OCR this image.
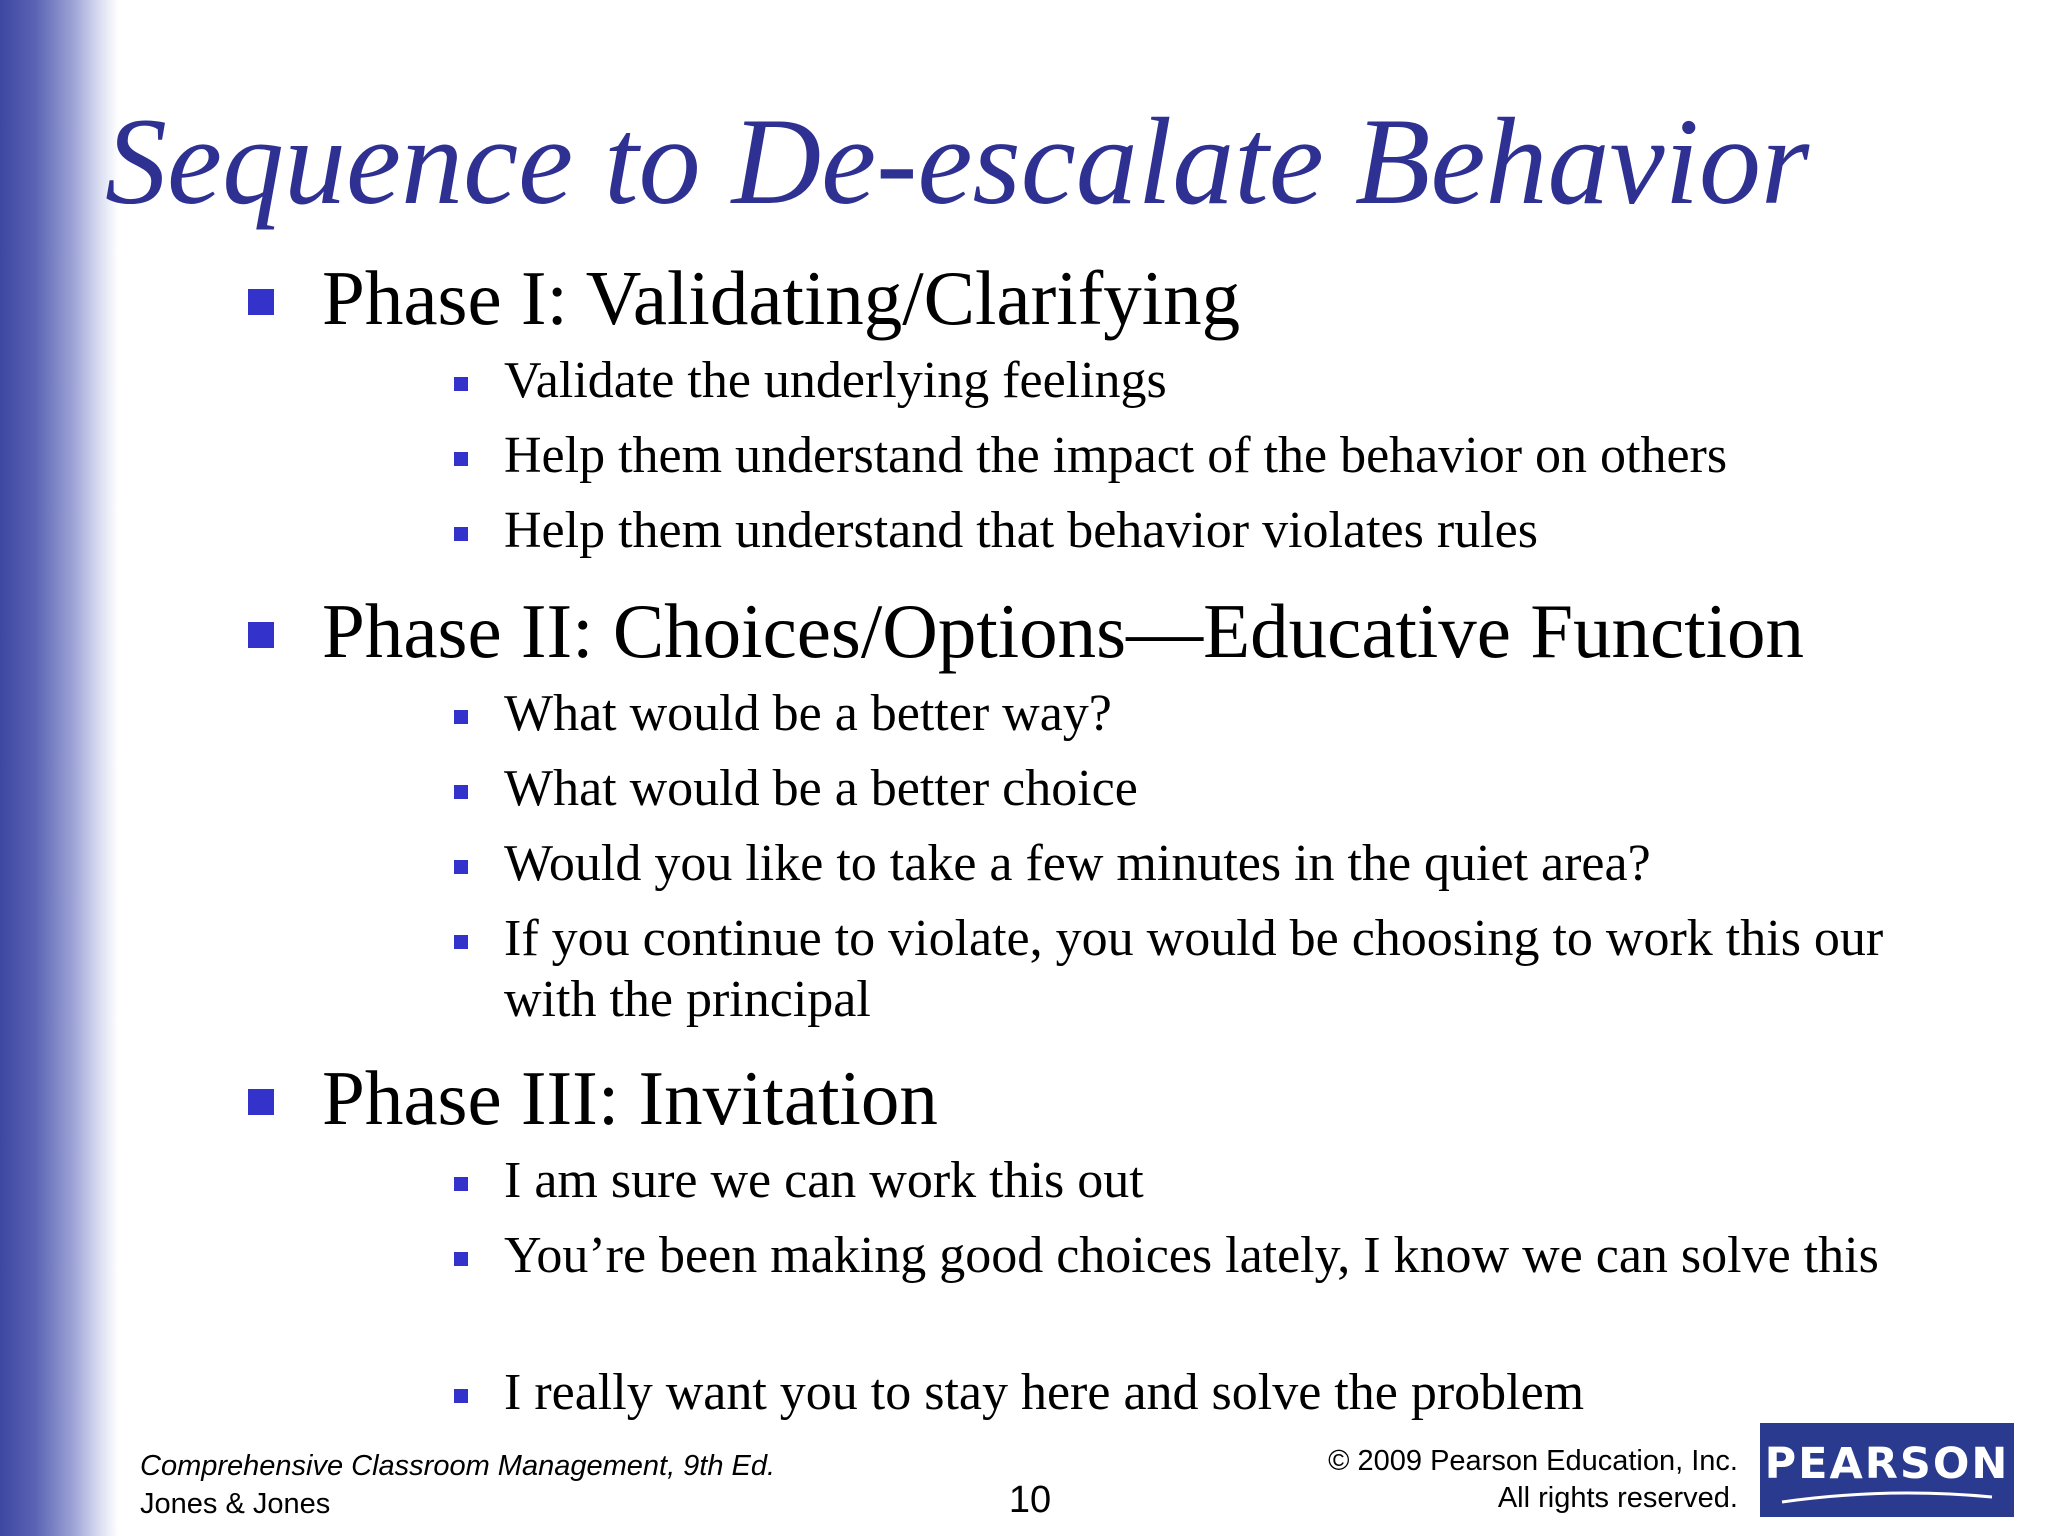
Sequence to De-escalate Behavior
Phase I: Validating/Clarifying
Validate the underlying feelings
Help them understand the impact of the behavior on others
Help them understand that behavior violates rules
Phase II: Choices/Options—Educative Function
What would be a better way?
What would be a better choice
Would you like to take a few minutes in the quiet area?
If you continue to violate, you would be choosing to work this our with the principal
Phase III: Invitation
I am sure we can work this out
You’re been making good choices lately, I know we can solve this
I really want you to stay here and solve the problem
Comprehensive Classroom Management, 9th Ed.
Jones & Jones	10
© 2009 Pearson Education, Inc.
All rights reserved.
PEARSON
